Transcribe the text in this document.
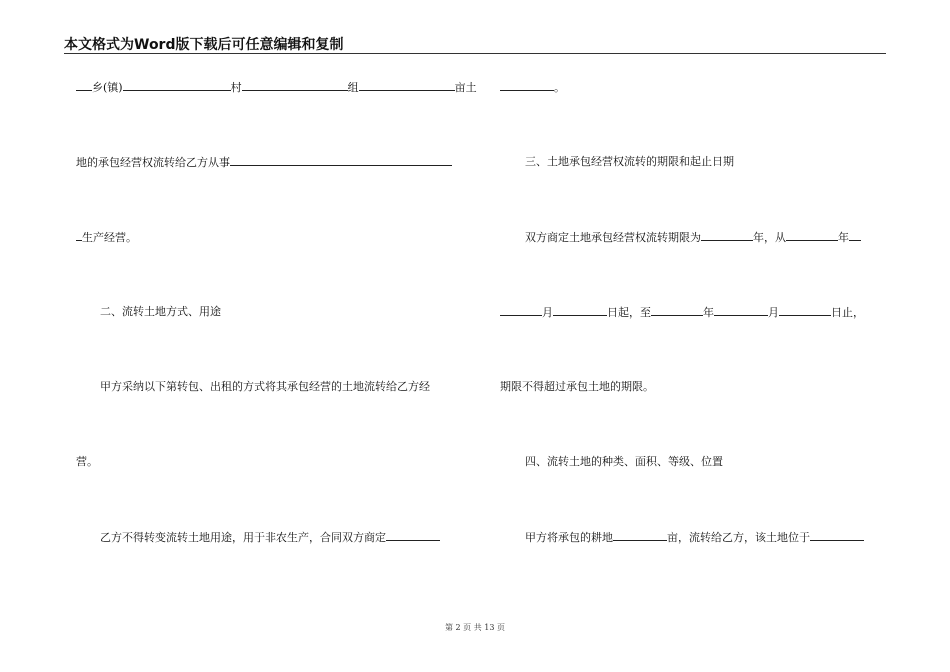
本文格式为Word版下载后可任意编辑和复制
乡(镇)	村	组	亩土
地的承包经营权流转给乙方从事
生产经营。
二、流转土地方式、用途
甲方采纳以下第转包、出租的方式将其承包经营的土地流转给乙方经
营。
乙方不得转变流转土地用途，用于非农生产，合同双方商定
。
三、土地承包经营权流转的期限和起止日期
双方商定土地承包经营权流转期限为	年，从	年
月	日起，至	年	月	日止，
期限不得超过承包土地的期限。
四、流转土地的种类、面积、等级、位置
甲方将承包的耕地	亩，流转给乙方，该土地位于
第 2 页 共 13 页
